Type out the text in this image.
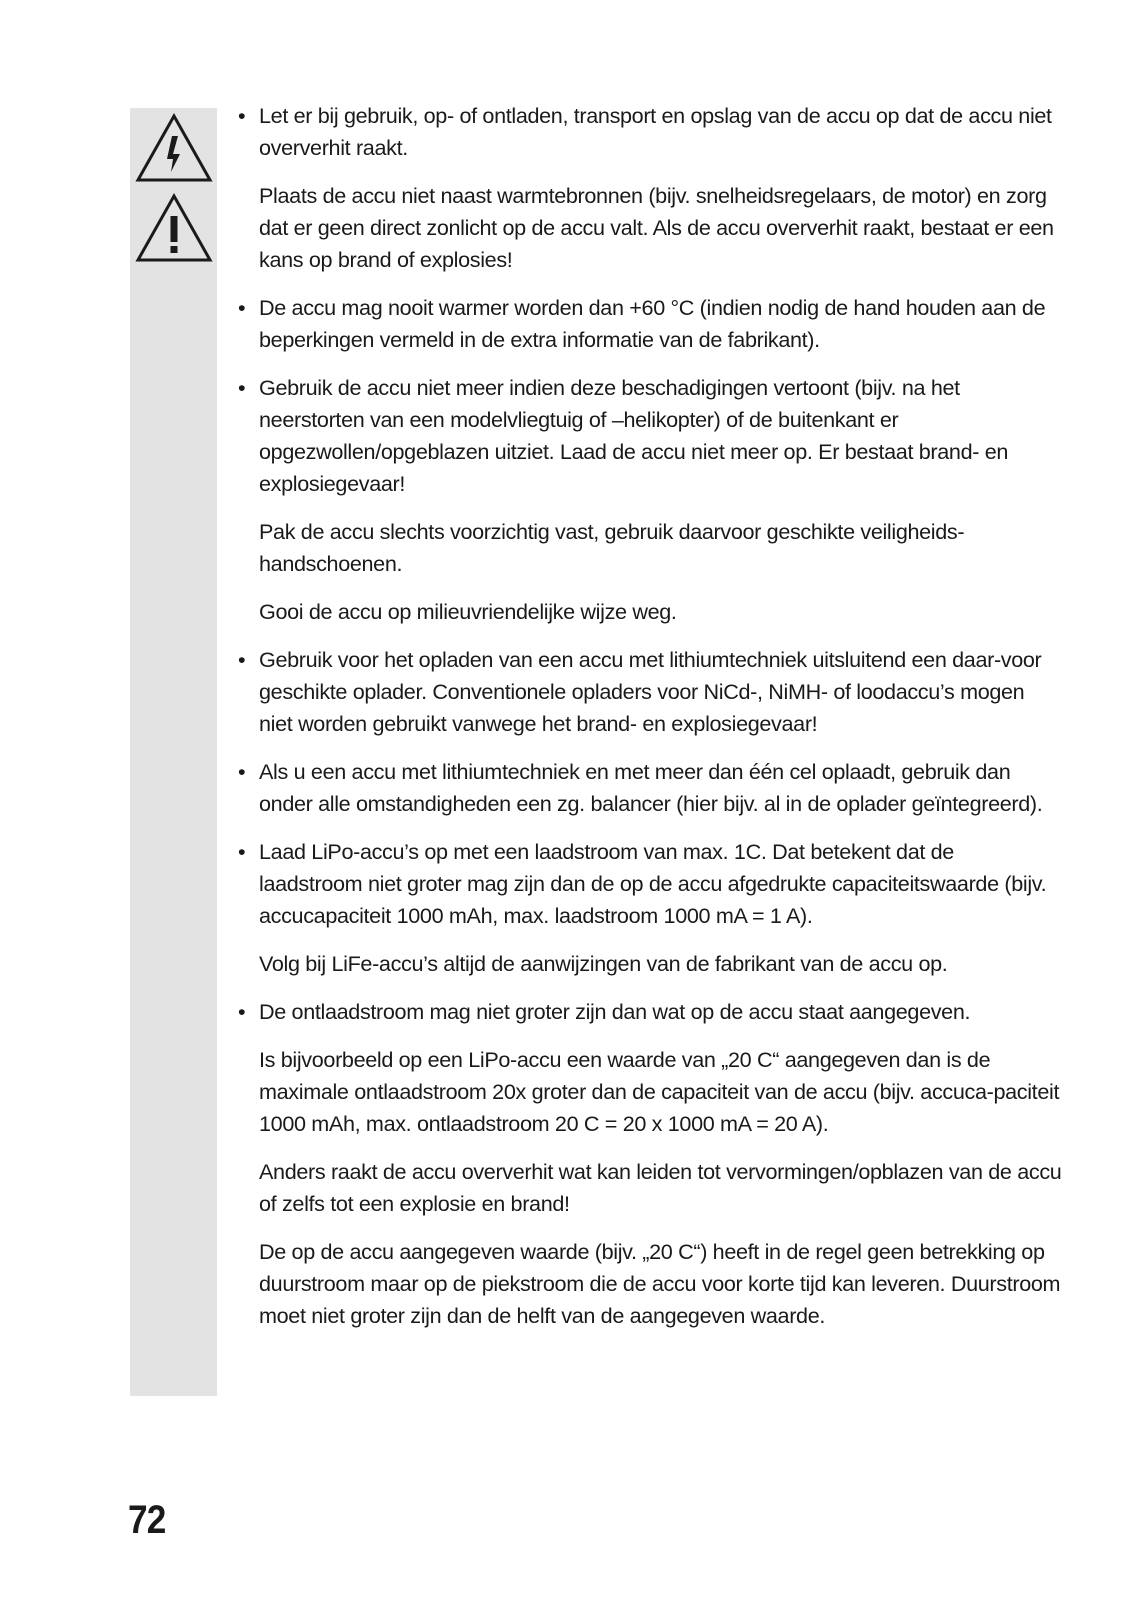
• Let er bij gebruik, op- of ontladen, transport en opslag van de accu op dat de accu niet oververhit raakt.

Plaats de accu niet naast warmtebronnen (bijv. snelheidsregelaars, de motor) en zorg dat er geen direct zonlicht op de accu valt. Als de accu oververhit raakt, bestaat er een kans op brand of explosies!

• De accu mag nooit warmer worden dan +60 °C (indien nodig de hand houden aan de beperkingen vermeld in de extra informatie van de fabrikant).
• Gebruik de accu niet meer indien deze beschadigingen vertoont (bijv. na het neerstorten van een modelvliegtuig of –helikopter) of de buitenkant er opgezwollen/opgeblazen uitziet. Laad de accu niet meer op. Er bestaat brand- en explosiegevaar!

Pak de accu slechts voorzichtig vast, gebruik daarvoor geschikte veiligheids-handschoenen.

Gooi de accu op milieuvriendelijke wijze weg.

• Gebruik voor het opladen van een accu met lithiumtechniek uitsluitend een daar-voor geschikte oplader. Conventionele opladers voor NiCd-, NiMH- of loodaccu’s mogen niet worden gebruikt vanwege het brand- en explosiegevaar!
• Als u een accu met lithiumtechniek en met meer dan één cel oplaadt, gebruik dan onder alle omstandigheden een zg. balancer (hier bijv. al in de oplader geïntegreerd).
• Laad LiPo-accu’s op met een laadstroom van max. 1C. Dat betekent dat de laadstroom niet groter mag zijn dan de op de accu afgedrukte capaciteitswaarde (bijv. accucapaciteit 1000 mAh, max. laadstroom 1000 mA = 1 A).

Volg bij LiFe-accu’s altijd de aanwijzingen van de fabrikant van de accu op.

• De ontlaadstroom mag niet groter zijn dan wat op de accu staat aangegeven.

Is bijvoorbeeld op een LiPo-accu een waarde van „20 C“ aangegeven dan is de maximale ontlaadstroom 20x groter dan de capaciteit van de accu (bijv. accuca-paciteit 1000 mAh, max. ontlaadstroom 20 C = 20 x 1000 mA = 20 A).

Anders raakt de accu oververhit wat kan leiden tot vervormingen/opblazen van de accu of zelfs tot een explosie en brand!

De op de accu aangegeven waarde (bijv. „20 C“) heeft in de regel geen betrekking op duurstroom maar op de piekstroom die de accu voor korte tijd kan leveren. Duurstroom moet niet groter zijn dan de helft van de aangegeven waarde.

72
